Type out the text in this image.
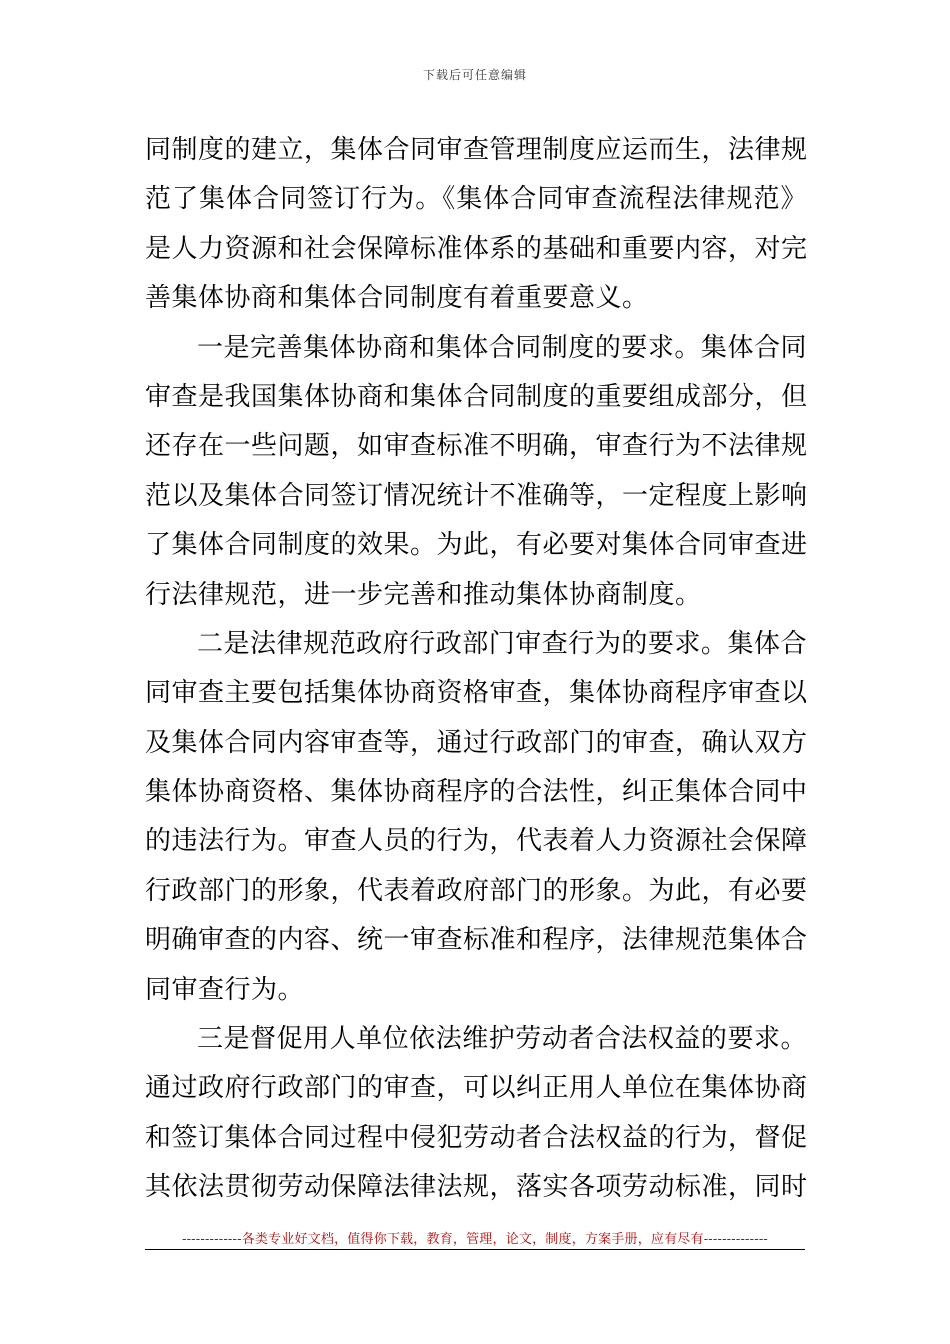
下载后可任意编辑
同制度的建立，集体合同审查管理制度应运而生，法律规
范了集体合同签订行为。《集体合同审查流程法律规范》
是人力资源和社会保障标准体系的基础和重要内容，对完
善集体协商和集体合同制度有着重要意义。
一是完善集体协商和集体合同制度的要求。集体合同
审查是我国集体协商和集体合同制度的重要组成部分，但
还存在一些问题，如审查标准不明确，审查行为不法律规
范以及集体合同签订情况统计不准确等，一定程度上影响
了集体合同制度的效果。为此，有必要对集体合同审查进
行法律规范，进一步完善和推动集体协商制度。
二是法律规范政府行政部门审查行为的要求。集体合
同审查主要包括集体协商资格审查，集体协商程序审查以
及集体合同内容审查等，通过行政部门的审查，确认双方
集体协商资格、集体协商程序的合法性，纠正集体合同中
的违法行为。审查人员的行为，代表着人力资源社会保障
行政部门的形象，代表着政府部门的形象。为此，有必要
明确审查的内容、统一审查标准和程序，法律规范集体合
同审查行为。
三是督促用人单位依法维护劳动者合法权益的要求。
通过政府行政部门的审查，可以纠正用人单位在集体协商
和签订集体合同过程中侵犯劳动者合法权益的行为，督促
其依法贯彻劳动保障法律法规，落实各项劳动标准，同时
-------------各类专业好文档，值得你下载，教育，管理，论文，制度，方案手册，应有尽有--------------
